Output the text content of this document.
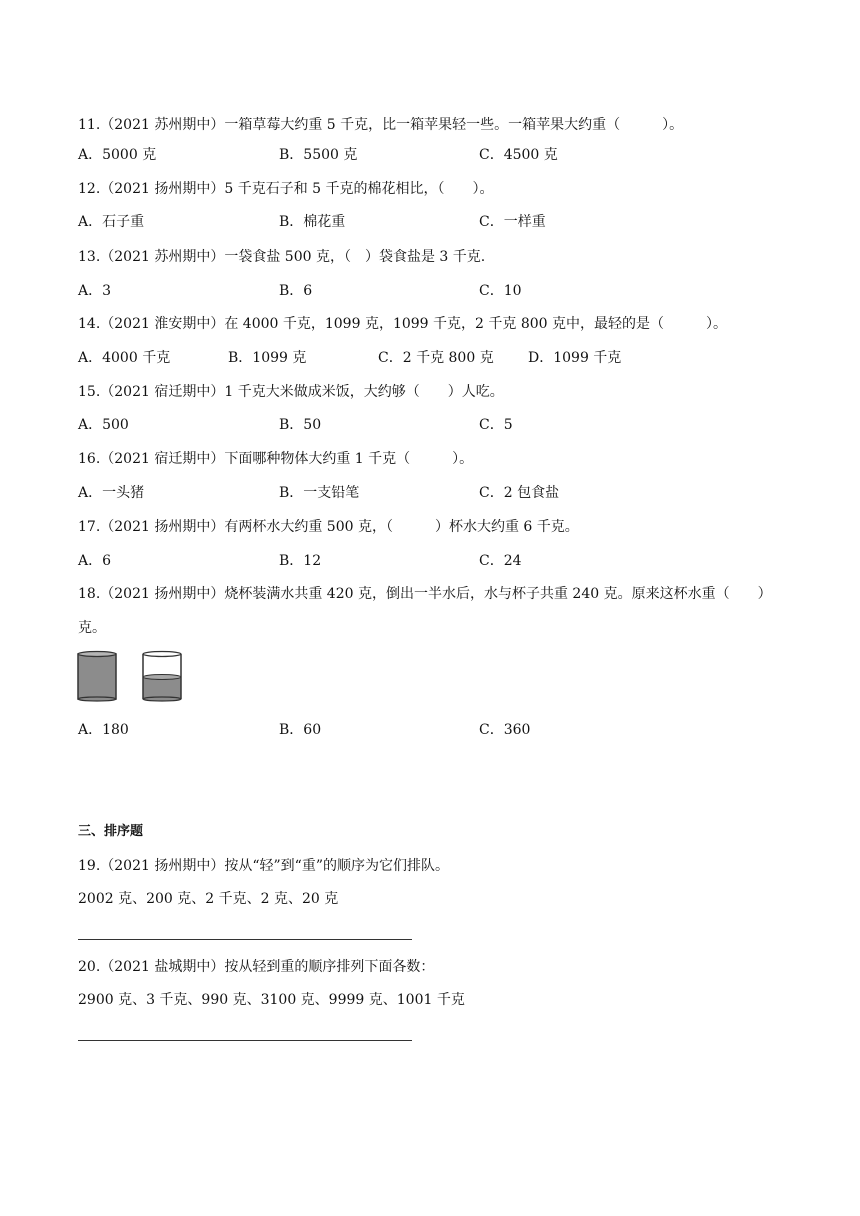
11.（2021 苏州期中）一箱草莓大约重 5 千克，比一箱苹果轻一些。一箱苹果大约重（　　　）。
A．5000 克	B．5500 克	C．4500 克
12.（2021 扬州期中）5 千克石子和 5 千克的棉花相比，（　　）。
A．石子重	B．棉花重	C．一样重
13.（2021 苏州期中）一袋食盐 500 克，（　）袋食盐是 3 千克.
A．3	B．6	C．10
14.（2021 淮安期中）在 4000 千克，1099 克，1099 千克，2 千克 800 克中，最轻的是（　　　）。
A．4000 千克	B．1099 克	C．2 千克 800 克 D．1099 千克
15.（2021 宿迁期中）1 千克大米做成米饭，大约够（　　）人吃。
A．500	B．50	C．5
16.（2021 宿迁期中）下面哪种物体大约重 1 千克（　　　）。
A．一头猪	B．一支铅笔	C．2 包食盐
17.（2021 扬州期中）有两杯水大约重 500 克，（　　　）杯水大约重 6 千克。
A．6	B．12	C．24
18.（2021 扬州期中）烧杯装满水共重 420 克，倒出一半水后，水与杯子共重 240 克。原来这杯水重（　　）
克。
A．180	B．60	C．360
三、排序题
19.（2021 扬州期中）按从“轻”到“重”的顺序为它们排队。
2002 克、200 克、2 千克、2 克、20 克
20.（2021 盐城期中）按从轻到重的顺序排列下面各数：
2900 克、3 千克、990 克、3100 克、9999 克、1001 千克
